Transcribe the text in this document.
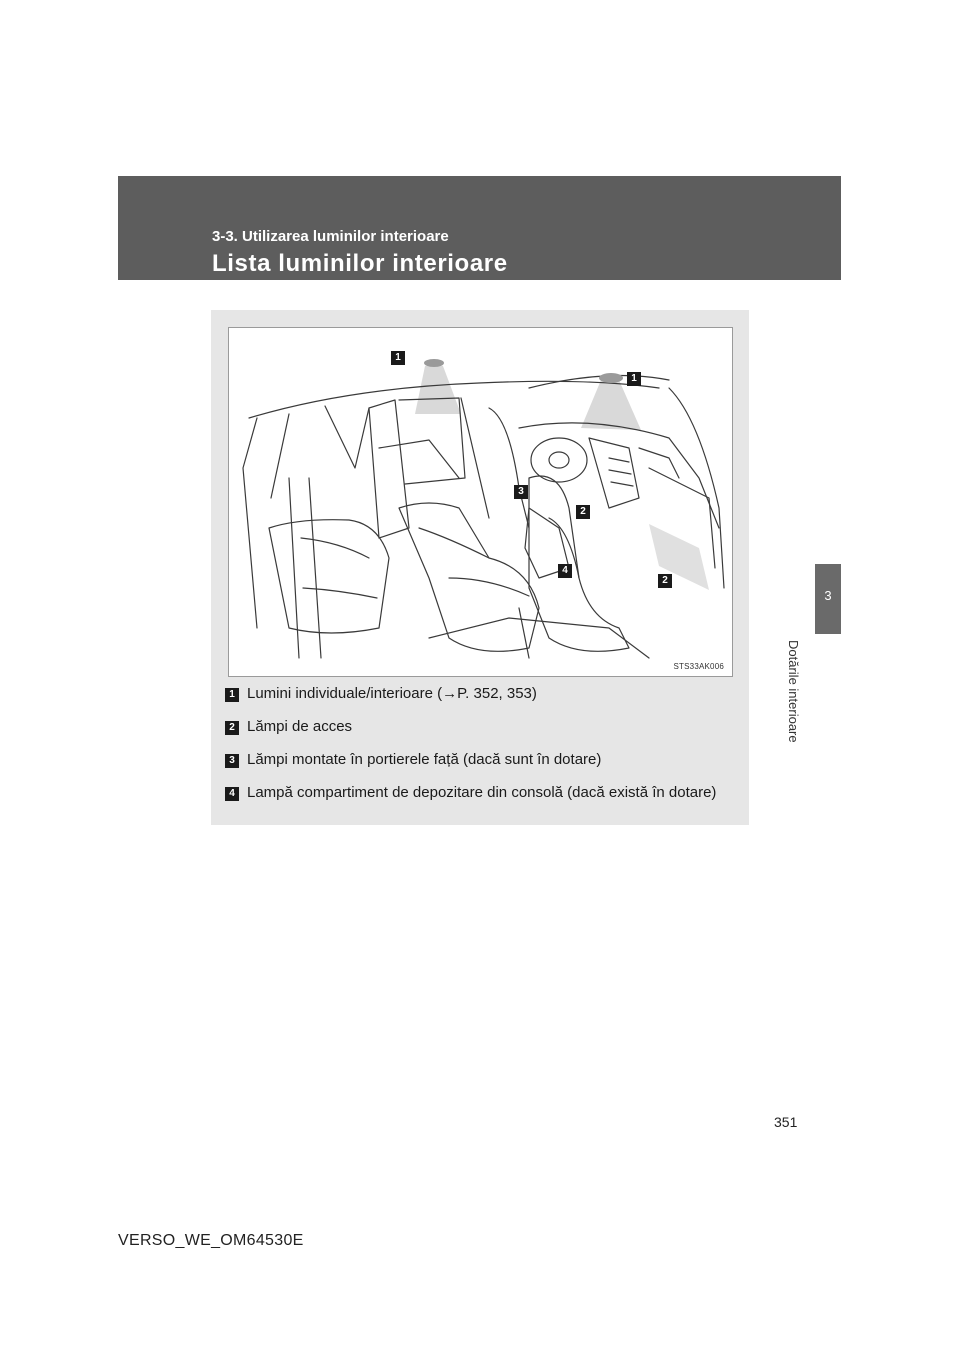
3-3. Utilizarea luminilor interioare
Lista luminilor interioare
3
Dotările interioare
1
1
3
2
2
4
STS33AK006
1 Lumini individuale/interioare (→P. 352, 353)
2 Lămpi de acces
3 Lămpi montate în portierele față (dacă sunt în dotare)
4 Lampă compartiment de depozitare din consolă (dacă există în dotare)
351
VERSO_WE_OM64530E
